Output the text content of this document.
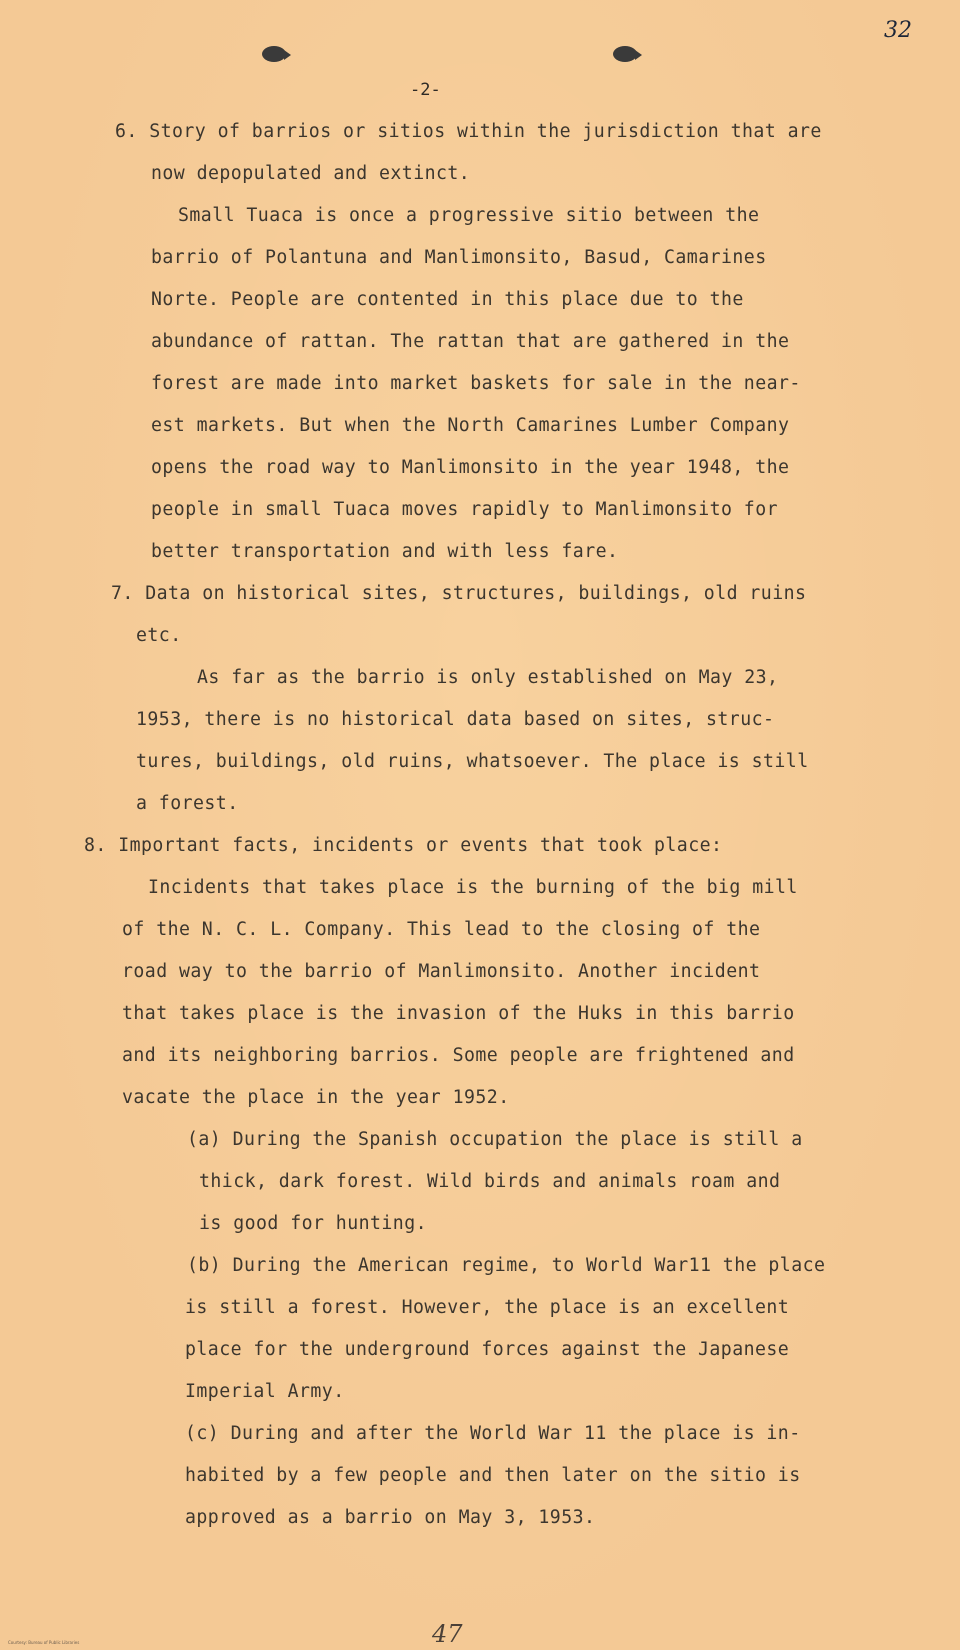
32
-2-
6. Story of barrios or sitios within the jurisdiction that are
now depopulated and extinct.
Small Tuaca is once a progressive sitio between the
barrio of Polantuna and Manlimonsito, Basud, Camarines
Norte. People are contented in this place due to the
abundance of rattan. The rattan that are gathered in the
forest are made into market baskets for sale in the near-
est markets. But when the North Camarines Lumber Company
opens the road way to Manlimonsito in the year 1948, the
people in small Tuaca moves rapidly to Manlimonsito for
better transportation and with less fare.
7. Data on historical sites, structures, buildings, old ruins
etc.
As far as the barrio is only established on May 23,
1953, there is no historical data based on sites, struc-
tures, buildings, old ruins, whatsoever. The place is still
a forest.
8. Important facts, incidents or events that took place:
Incidents that takes place is the burning of the big mill
of the N. C. L. Company. This lead to the closing of the
road way to the barrio of Manlimonsito. Another incident
that takes place is the invasion of the Huks in this barrio
and its neighboring barrios. Some people are frightened and
vacate the place in the year 1952.
(a) During the Spanish occupation the place is still a
thick, dark forest. Wild birds and animals roam and
is good for hunting.
(b) During the American regime, to World War11 the place
is still a forest. However, the place is an excellent
place for the underground forces against the Japanese
Imperial Army.
(c) During and after the World War 11 the place is in-
habited by a few people and then later on the sitio is
approved as a barrio on May 3, 1953.
47
Courtesy: Bureau of Public Libraries
